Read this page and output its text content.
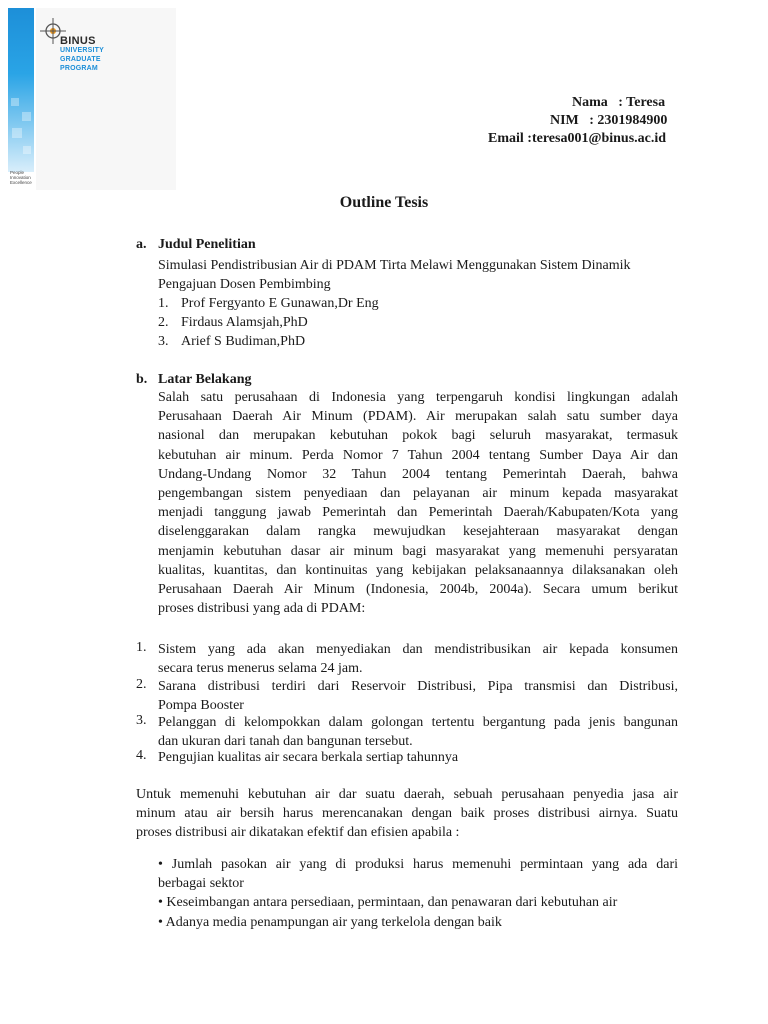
BINUS
UNIVERSITY
GRADUATE
PROGRAM
People
Innovation
Excellence
Nama   : Teresa
NIM   : 2301984900
Email :teresa001@binus.ac.id
Outline Tesis
a. Judul Penelitian
Simulasi Pendistribusian Air di PDAM Tirta Melawi Menggunakan Sistem Dinamik
Pengajuan Dosen Pembimbing
1. Prof Fergyanto E Gunawan,Dr Eng
2. Firdaus Alamsjah,PhD
3. Arief S Budiman,PhD
b. Latar Belakang
Salah satu perusahaan di Indonesia yang terpengaruh kondisi lingkungan adalah
Perusahaan Daerah Air Minum (PDAM). Air merupakan salah satu sumber daya
nasional dan merupakan kebutuhan pokok bagi seluruh masyarakat, termasuk
kebutuhan air minum. Perda Nomor 7 Tahun 2004 tentang Sumber Daya Air dan
Undang-Undang Nomor 32 Tahun 2004 tentang Pemerintah Daerah, bahwa
pengembangan sistem penyediaan dan pelayanan air minum kepada masyarakat
menjadi tanggung jawab Pemerintah dan Pemerintah Daerah/Kabupaten/Kota yang
diselenggarakan dalam rangka mewujudkan kesejahteraan masyarakat dengan
menjamin kebutuhan dasar air minum bagi masyarakat yang memenuhi persyaratan
kualitas, kuantitas, dan kontinuitas yang kebijakan pelaksanaannya dilaksanakan oleh
Perusahaan Daerah Air Minum (Indonesia, 2004b, 2004a). Secara umum berikut
proses distribusi yang ada di PDAM:
1. Sistem yang ada akan menyediakan dan mendistribusikan air kepada konsumen
secara terus menerus selama 24 jam.
2. Sarana distribusi terdiri dari Reservoir Distribusi, Pipa transmisi dan Distribusi,
Pompa Booster
3. Pelanggan di kelompokkan dalam golongan tertentu bergantung pada jenis bangunan
dan ukuran dari tanah dan bangunan tersebut.
4. Pengujian kualitas air secara berkala sertiap tahunnya
Untuk memenuhi kebutuhan air dar suatu daerah, sebuah perusahaan penyedia jasa air
minum atau air bersih harus merencanakan dengan baik proses distribusi airnya. Suatu
proses distribusi air dikatakan efektif dan efisien apabila :
• Jumlah pasokan air yang di produksi harus memenuhi permintaan yang ada dari
berbagai sektor
• Keseimbangan antara persediaan, permintaan, dan penawaran dari kebutuhan air
• Adanya media penampungan air yang terkelola dengan baik
